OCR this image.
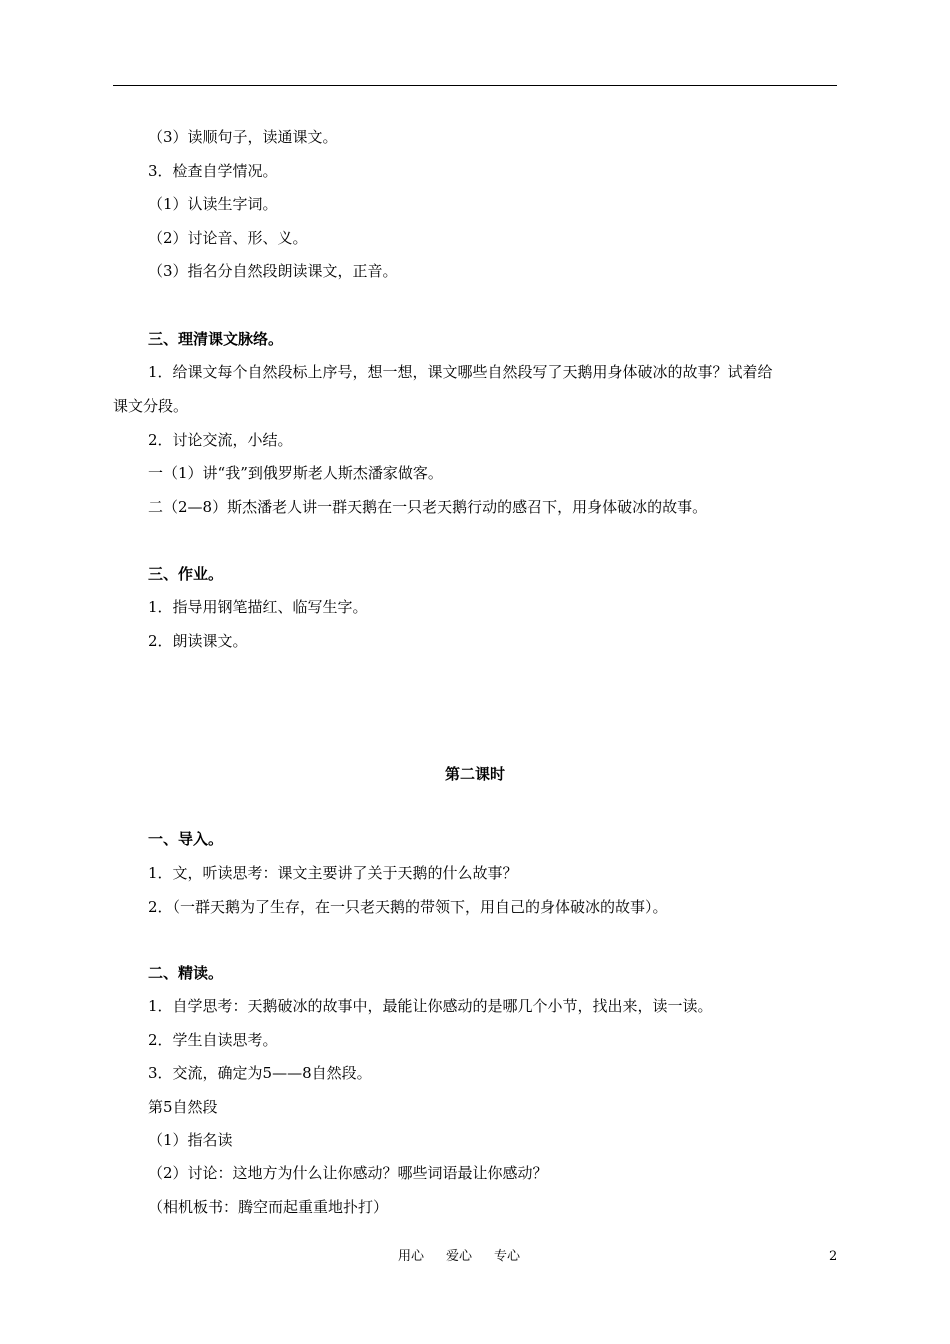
（3）读顺句子，读通课文。
3．检查自学情况。
（1）认读生字词。
（2）讨论音、形、义。
（3）指名分自然段朗读课文，正音。
三、理清课文脉络。
1．给课文每个自然段标上序号，想一想，课文哪些自然段写了天鹅用身体破冰的故事？试着给
课文分段。
2．讨论交流，小结。
一（1）讲“我”到俄罗斯老人斯杰潘家做客。
二（2—8）斯杰潘老人讲一群天鹅在一只老天鹅行动的感召下，用身体破冰的故事。
三、作业。
1．指导用钢笔描红、临写生字。
2．朗读课文。
第二课时
一、导入。
1．文，听读思考：课文主要讲了关于天鹅的什么故事？
2．（一群天鹅为了生存，在一只老天鹅的带领下，用自己的身体破冰的故事）。
二、精读。
1．自学思考：天鹅破冰的故事中，最能让你感动的是哪几个小节，找出来，读一读。
2．学生自读思考。
3．交流，确定为5——8自然段。
第5自然段
（1）指名读
（2）讨论：这地方为什么让你感动？哪些词语最让你感动？
（相机板书：腾空而起重重地扑打）
用心 爱心 专心	2
